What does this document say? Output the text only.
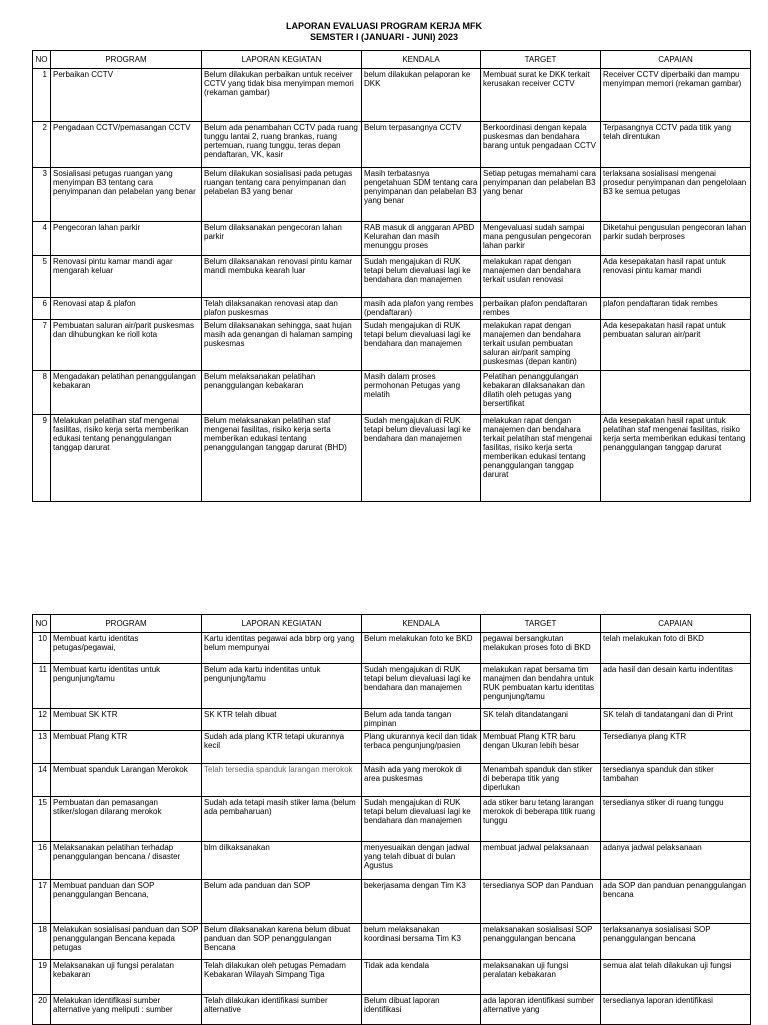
LAPORAN EVALUASI PROGRAM KERJA MFK
SEMSTER I (JANUARI - JUNI) 2023
NO	PROGRAM	LAPORAN KEGIATAN	KENDALA	TARGET	CAPAIAN
1	Perbaikan CCTV	Belum dilakukan perbaikan untuk receiver CCTV yang tidak bisa menyimpan memori (rekaman gambar)	belum dilakukan pelaporan ke DKK	Membuat surat ke DKK terkait kerusakan receiver CCTV	Receiver CCTV diperbaiki dan mampu menyimpan memori (rekaman gambar)
2	Pengadaan CCTV/pemasangan CCTV	Belum ada penambahan CCTV pada ruang tunggu lantai 2, ruang brankas, ruang pertemuan, ruang tunggu, teras depan pendaftaran, VK, kasir	Belum terpasangnya CCTV	Berkoordinasi dengan kepala puskesmas dan bendahara barang untuk pengadaan CCTV	Terpasangnya CCTV pada titik yang telah direntukan
3	Sosialisasi petugas ruangan yang menyimpan B3 tentang cara penyimpanan dan pelabelan yang benar	Belum dilakukan sosialisasi pada petugas ruangan tentang cara penyimpanan dan pelabelan B3 yang benar	Masih terbatasnya pengetahuan SDM tentang cara penyimpanan dan pelabelan B3 yang benar	Setiap petugas memahami cara penyimpanan dan pelabelan B3 yang benar	terlaksana sosialisasi mengenai prosedur penyimpanan dan pengelolaan B3 ke semua petugas
4	Pengecoran lahan parkir	Belum dilaksanakan pengecoran lahan parkir	RAB masuk di anggaran APBD Kelurahan dan masih menunggu proses	Mengevaluasi sudah sampai mana pengusulan pengecoran lahan parkir	Diketahui pengusulan pengecoran lahan parkir sudah berproses
5	Renovasi pintu kamar mandi agar mengarah keluar	Belum dilaksanakan renovasi pintu kamar mandi membuka kearah luar	Sudah mengajukan di RUK tetapi belum dievaluasi lagi ke bendahara dan manajemen	melakukan rapat dengan manajemen dan bendahara terkait usulan renovasi	Ada kesepakatan hasil rapat untuk renovasi pintu kamar mandi
6	Renovasi atap & plafon	Telah dilaksanakan renovasi atap dan plafon puskesmas	masih ada plafon yang rembes (pendaftaran)	perbaikan plafon pendaftaran rembes	plafon pendaftaran tidak rembes
7	Pembuatan saluran air/parit puskesmas dan dihubungkan ke rioll kota	Belum dilaksanakan sehingga, saat hujan masih ada genangan di halaman samping puskesmas	Sudah mengajukan di RUK tetapi belum dievaluasi lagi ke bendahara dan manajemen	melakukan rapat dengan manajemen dan bendahara terkait usulan pembuatan saluran air/parit samping puskesmas (depan kantin)	Ada kesepakatan hasil rapat untuk pembuatan saluran air/parit
8	Mengadakan pelatihan penanggulangan kebakaran	Belum melaksanakan pelatihan penanggulangan kebakaran	Masih dalam proses permohonan Petugas yang melatih	Pelatihan penanggulangan kebakaran dilaksanakan dan dilatih oleh petugas yang bersertifikat	
9	Melakukan pelatihan staf mengenai fasilitas, risiko kerja serta memberikan edukasi tentang penanggulangan tanggap darurat	Belum melaksanakan pelatihan staf mengenai fasilitas, risiko kerja serta memberikan edukasi tentang penanggulangan tanggap darurat (BHD)	Sudah mengajukan di RUK tetapi belum dievaluasi lagi ke bendahara dan manajemen	melakukan rapat dengan manajemen dan bendahara terkait pelatihan staf mengenai fasilitas, risiko kerja serta memberikan edukasi tentang penanggulangan tanggap darurat	Ada kesepakatan hasil rapat untuk pelatihan staf mengenai fasilitas, risiko kerja serta memberikan edukasi tentang penanggulangan tanggap darurat
NO	PROGRAM	LAPORAN KEGIATAN	KENDALA	TARGET	CAPAIAN
10	Membuat kartu identitas petugas/pegawai,	Kartu identitas pegawai ada bbrp org yang belum mempunyai	Belum melakukan foto ke BKD	pegawai bersangkutan melakukan proses foto di BKD	telah melakukan foto di BKD
11	Membuat kartu identitas untuk pengunjung/tamu	Belum ada kartu indentitas untuk pengunjung/tamu	Sudah mengajukan di RUK tetapi belum dievaluasi lagi ke bendahara dan manajemen	melakukan rapat bersama tim manajmen dan bendahra untuk RUK pembuatan kartu identitas pengunjung/tamu	ada hasil dan desain kartu indentitas
12	Membuat SK KTR	SK KTR telah dibuat	Belum ada tanda tangan pimpinan	SK telah ditandatangani	SK telah di tandatangani dan di Print
13	Membuat Plang KTR	Sudah ada plang KTR tetapi ukurannya kecil	Plang ukurannya kecil dan tidak terbaca pengunjung/pasien	Membuat Plang KTR baru dengan Ukuran lebih besar	Tersedianya plang KTR
14	Membuat spanduk Larangan Merokok	Telah tersedia spanduk larangan merokok	Masih ada yang merokok di area puskesmas	Menambah spanduk dan stiker di beberapa titik yang diperlukan	tersedianya spanduk dan stiker tambahan
15	Pembuatan dan pemasangan stiker/slogan dilarang merokok	Sudah ada tetapi masih stiker lama (belum ada pembaharuan)	Sudah mengajukan di RUK tetapi belum dievaluasi lagi ke bendahara dan manajemen	ada stiker baru tetang larangan merokok di beberapa titik ruang tunggu	tersedianya stiker di ruang tunggu
16	Melaksanakan pelatihan terhadap penanggulangan bencana / disaster	blm dilkaksanakan	menyesuaikan dengan jadwal yang telah dibuat di bulan Agustus	membuat jadwal pelaksanaan	adanya jadwal pelaksanaan
17	Membuat panduan dan SOP penanggulangan Bencana,	Belum ada panduan dan SOP	bekerjasama dengan Tim K3	tersedianya SOP dan Panduan	ada SOP dan panduan penanggulangan bencana
18	Melakukan sosialisasi panduan dan SOP penanggulangan Bencana kepada petugas	Belum dilaksanakan karena belum dibuat panduan dan SOP penanggulangan Bencana	belum melaksanakan koordinasi bersama Tim K3	melaksanakan sosialisasi SOP penanggulangan bencana	terlaksananya sosialisasi SOP penanggulangan bencana
19	Melaksanakan uji fungsi peralatan kebakaran	Telah dilakukan oleh petugas Pemadam Kebakaran Wilayah Simpang Tiga	Tidak ada kendala	melaksanakan uji fungsi peralatan kebakaran	semua alat telah dilakukan uji fungsi
20	Melakukan identifikasi sumber alternative yang meliputi : sumber	Telah dilakukan identifikasi sumber alternative	Belum dibuat laporan identifikasi	ada laporan identifikasi sumber alternative yang	tersedianya laporan identifikasi
